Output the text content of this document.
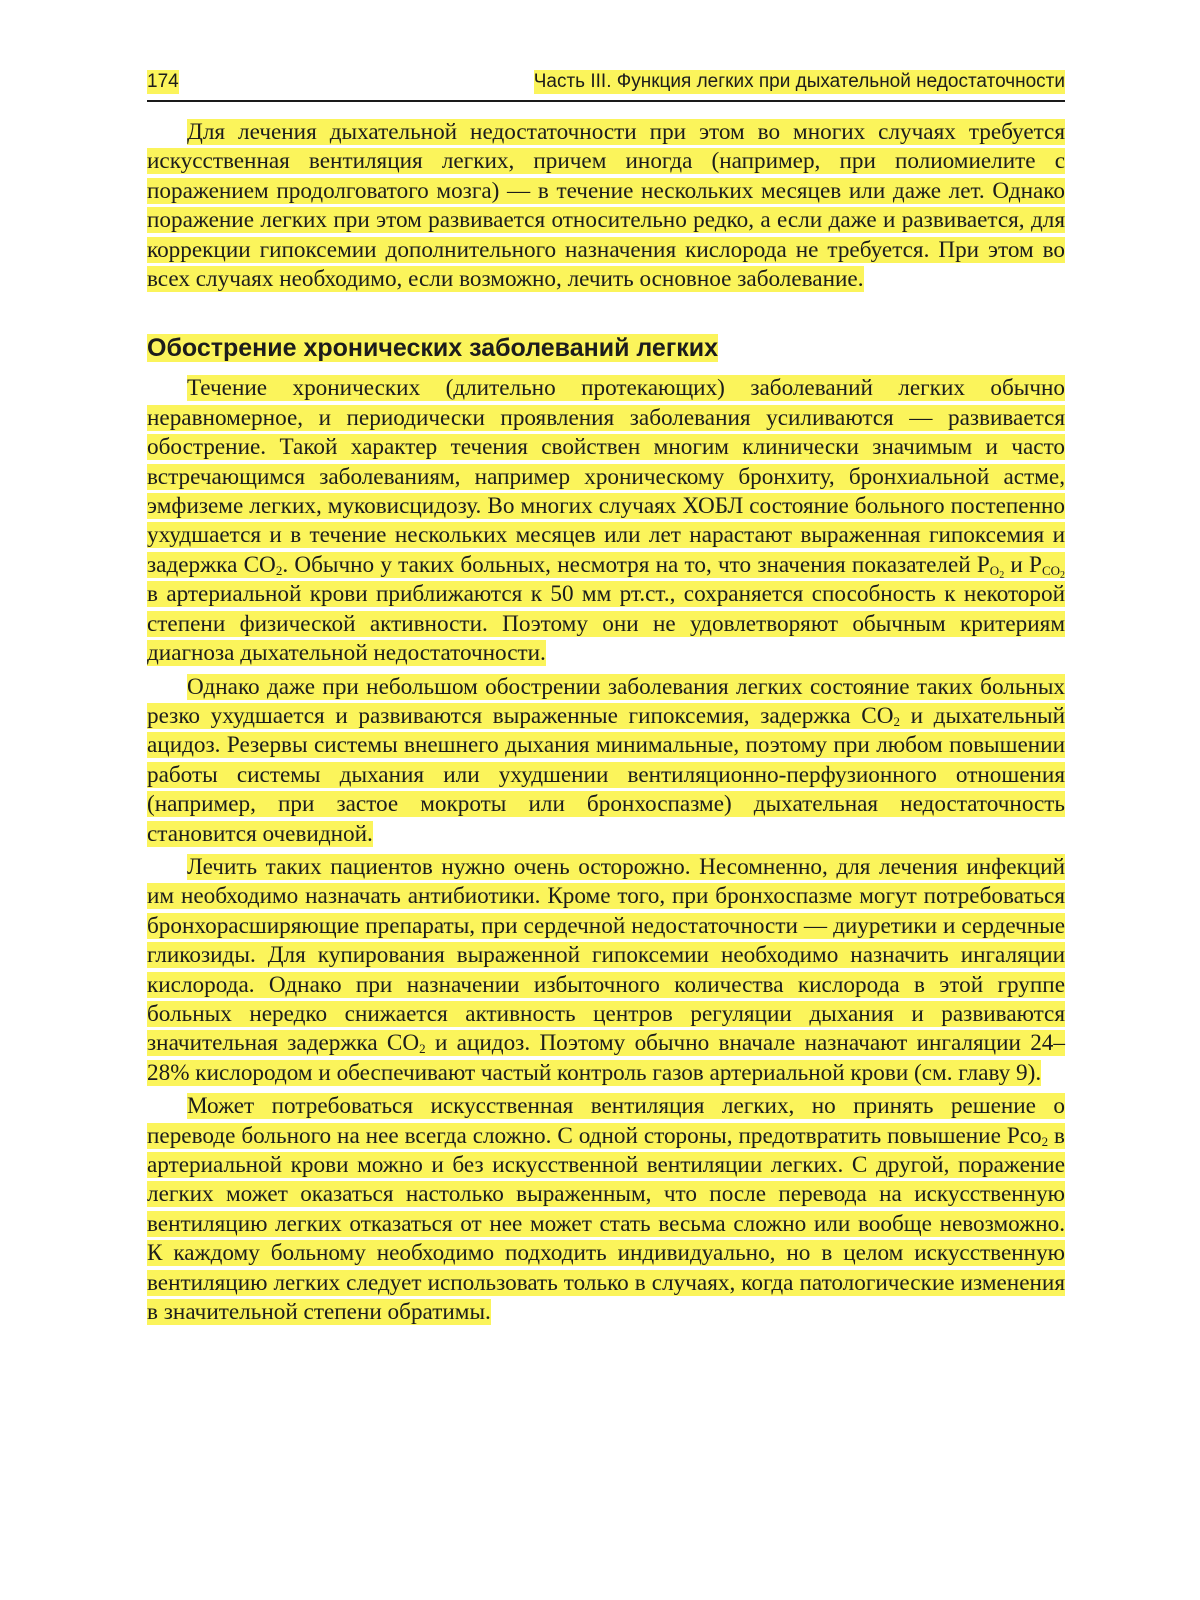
174	Часть III. Функция легких при дыхательной недостаточности

Для лечения дыхательной недостаточности при этом во многих случаях требуется искусственная вентиляция легких, причем иногда (например, при полиомиелите с поражением продолговатого мозга) — в течение нескольких месяцев или даже лет. Однако поражение легких при этом развивается относительно редко, а если даже и развивается, для коррекции гипоксемии дополнительного назначения кислорода не требуется. При этом во всех случаях необходимо, если возможно, лечить основное заболевание.

Обострение хронических заболеваний легких

Течение хронических (длительно протекающих) заболеваний легких обычно неравномерное, и периодически проявления заболевания усиливаются — развивается обострение. Такой характер течения свойствен многим клинически значимым и часто встречающимся заболеваниям, например хроническому бронхиту, бронхиальной астме, эмфиземе легких, муковисцидозу. Во многих случаях ХОБЛ состояние больного постепенно ухудшается и в течение нескольких месяцев или лет нарастают выраженная гипоксемия и задержка $CO_2$. Обычно у таких больных, несмотря на то, что значения показателей $P_{O_2}$ и $P_{CO_2}$ в артериальной крови приближаются к 50 мм рт.ст., сохраняется способность к некоторой степени физической активности. Поэтому они не удовлетворяют обычным критериям диагноза дыхательной недостаточности.

Однако даже при небольшом обострении заболевания легких состояние таких больных резко ухудшается и развиваются выраженные гипоксемия, задержка $CO_2$ и дыхательный ацидоз. Резервы системы внешнего дыхания минимальные, поэтому при любом повышении работы системы дыхания или ухудшении вентиляционно-перфузионного отношения (например, при застое мокроты или бронхоспазме) дыхательная недостаточность становится очевидной.

Лечить таких пациентов нужно очень осторожно. Несомненно, для лечения инфекций им необходимо назначать антибиотики. Кроме того, при бронхоспазме могут потребоваться бронхорасширяющие препараты, при сердечной недостаточности — диуретики и сердечные гликозиды. Для купирования выраженной гипоксемии необходимо назначить ингаляции кислорода. Однако при назначении избыточного количества кислорода в этой группе больных нередко снижается активность центров регуляции дыхания и развиваются значительная задержка $CO_2$ и ацидоз. Поэтому обычно вначале назначают ингаляции 24–28% кислородом и обеспечивают частый контроль газов артериальной крови (см. главу 9).

Может потребоваться искусственная вентиляция легких, но принять решение о переводе больного на нее всегда сложно. С одной стороны, предотвратить повышение Pco$_2$ в артериальной крови можно и без искусственной вентиляции легких. С другой, поражение легких может оказаться настолько выраженным, что после перевода на искусственную вентиляцию легких отказаться от нее может стать весьма сложно или вообще невозможно. К каждому больному необходимо подходить индивидуально, но в целом искусственную вентиляцию легких следует использовать только в случаях, когда патологические изменения в значительной степени обратимы.
